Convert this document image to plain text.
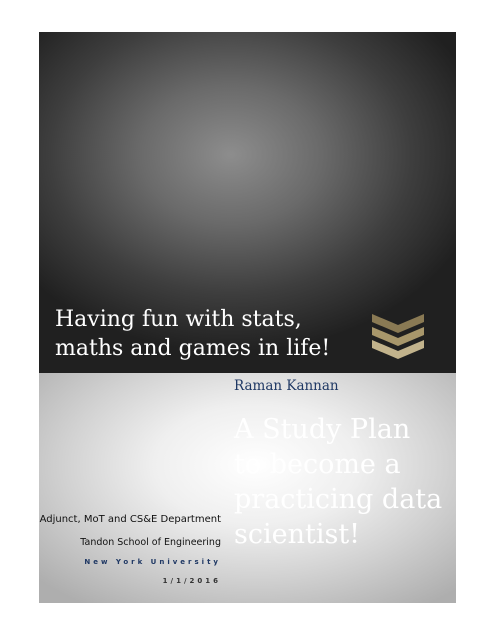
Having fun with stats,
maths and games in life!
Raman Kannan
A Study Plan
to become a
practicing data
scientist!
Adjunct, MoT and CS&E Department
Tandon School of Engineering
New York University
1/1/2016
